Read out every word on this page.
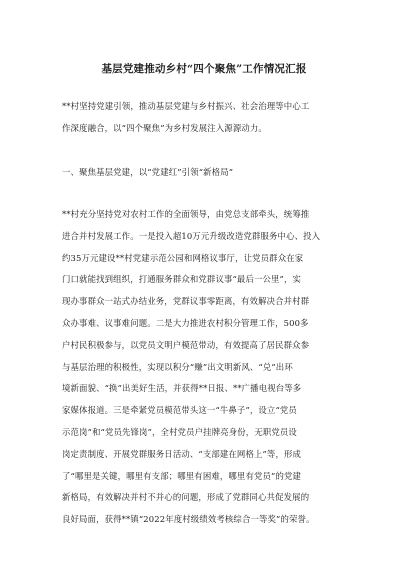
基层党建推动乡村“四个聚焦”工作情况汇报
**村坚持党建引领，推动基层党建与乡村振兴、社会治理等中心工
作深度融合，以“四个聚焦”为乡村发展注入源源动力。
一、聚焦基层党建，以“党建红”引领“新格局”
**村充分坚持党对农村工作的全面领导，由党总支部牵头，统筹推
进合并村发展工作。一是投入超10万元升级改造党群服务中心、投入
约35万元建设**村党建示范公园和网格议事厅，让党员群众在家
门口就能找到组织，打通服务群众和党群议事“最后一公里”，实
现办事群众一站式办结业务，党群议事零距离，有效解决合并村群
众办事难、议事难问题。二是大力推进农村积分管理工作，500多
户村民积极参与，以党员文明户模范带动，有效提高了居民群众参
与基层治理的积极性，实现以积分“赚”出文明新风、“兑”出环
境新面貌、“换”出美好生活，并获得**日报、**广播电视台等多
家媒体报道。三是牵紧党员模范带头这一“牛鼻子”，设立“党员
示范岗”和“党员先锋岗”，全村党员户挂牌亮身份，无职党员设
岗定责制度、开展党群服务日活动、“支部建在网格上”等，形成
了“哪里是关键，哪里有支部；哪里有困难，哪里有党员”的党建
新格局，有效解决并村不并心的问题，形成了党群同心共促发展的
良好局面，获得**镇“2022年度村级绩效考核综合一等奖”的荣誉。
